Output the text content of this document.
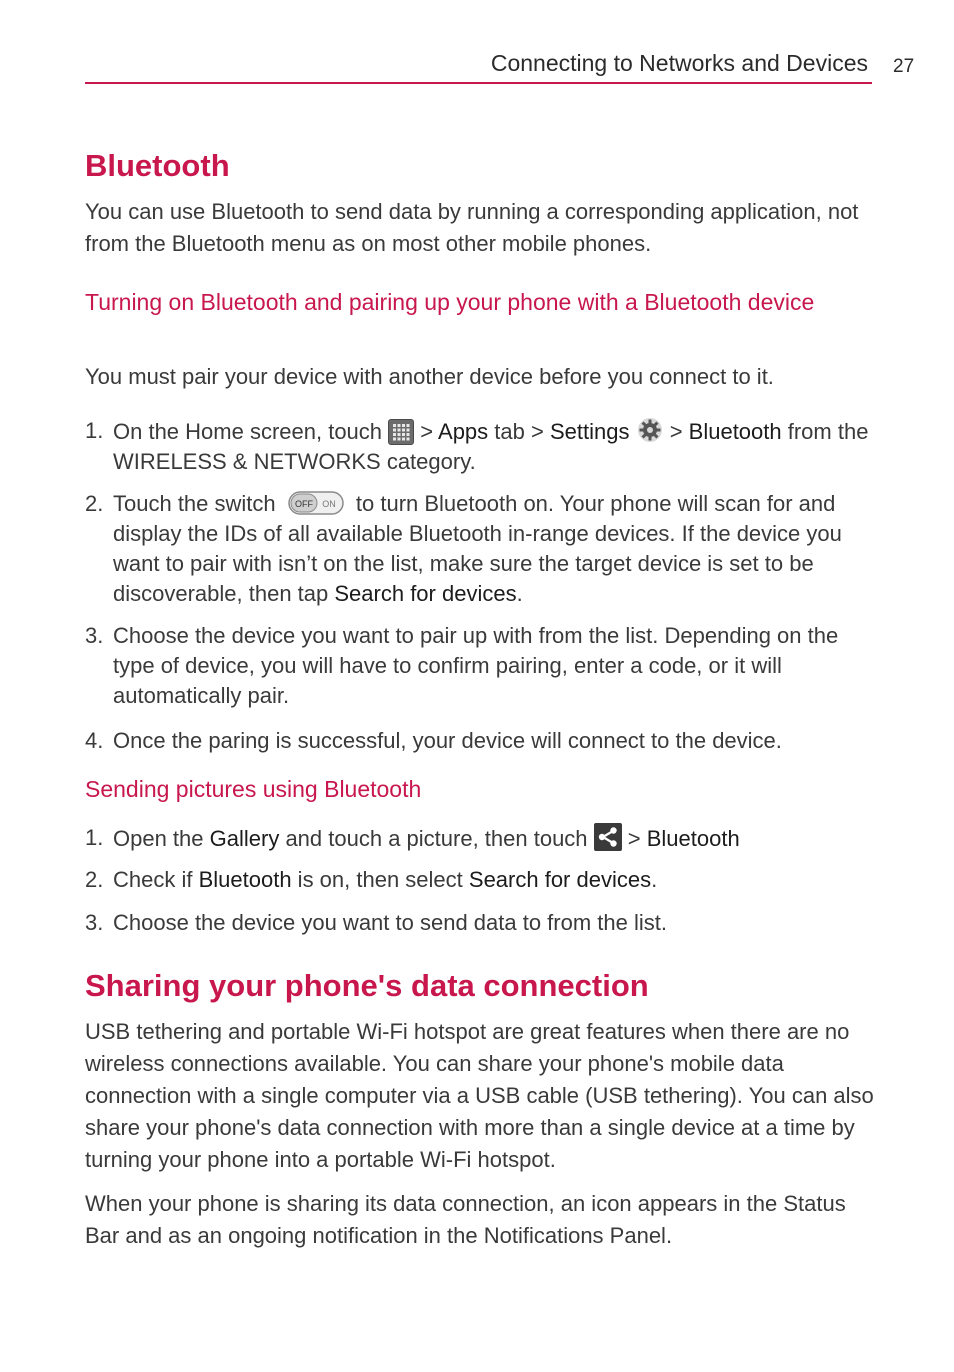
Connecting to Networks and Devices 27
Bluetooth
You can use Bluetooth to send data by running a corresponding application, not from the Bluetooth menu as on most other mobile phones.
Turning on Bluetooth and pairing up your phone with a Bluetooth device
You must pair your device with another device before you connect to it.
1. On the Home screen, touch  > Apps tab > Settings  > Bluetooth from the WIRELESS & NETWORKS category.
2. Touch the switch OFF ON to turn Bluetooth on. Your phone will scan for and display the IDs of all available Bluetooth in-range devices. If the device you want to pair with isn’t on the list, make sure the target device is set to be discoverable, then tap Search for devices.
3. Choose the device you want to pair up with from the list. Depending on the type of device, you will have to confirm pairing, enter a code, or it will automatically pair.
4. Once the paring is successful, your device will connect to the device.
Sending pictures using Bluetooth
1. Open the Gallery and touch a picture, then touch  > Bluetooth
2. Check if Bluetooth is on, then select Search for devices.
3. Choose the device you want to send data to from the list.
Sharing your phone's data connection
USB tethering and portable Wi-Fi hotspot are great features when there are no wireless connections available. You can share your phone's mobile data connection with a single computer via a USB cable (USB tethering). You can also share your phone's data connection with more than a single device at a time by turning your phone into a portable Wi-Fi hotspot.
When your phone is sharing its data connection, an icon appears in the Status Bar and as an ongoing notification in the Notifications Panel.
